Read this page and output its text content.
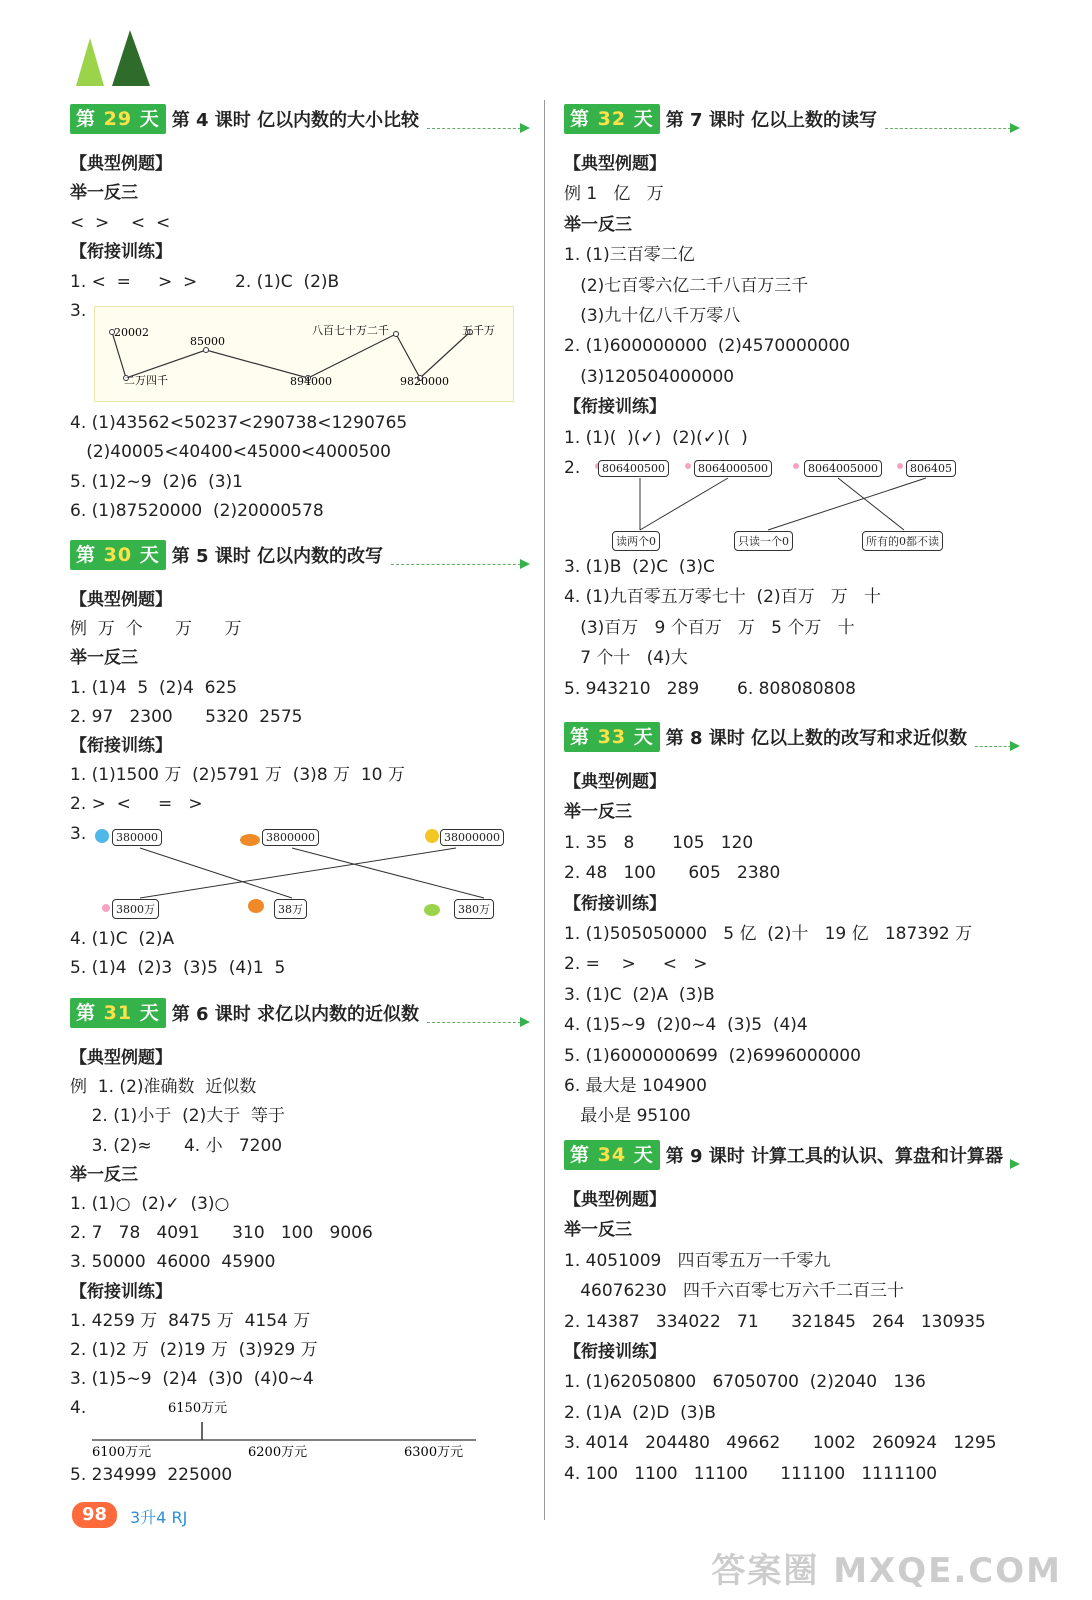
第 29 天 第 4 课时 亿以内数的大小比较
【典型例题】
举一反三
<  >    <  <
【衔接训练】
1. <  =     >  >       2. (1)C  (2)B
3.
20002
85000
八百七十万二千	五千万
二万四千	894000	9820000
4. (1)43562<50237<290738<1290765
(2)40005<40400<45000<4000500
5. (1)2~9  (2)6  (3)1
6. (1)87520000  (2)20000578
第 30 天 第 5 课时 亿以内数的改写
【典型例题】
例  万  个      万      万
举一反三
1. (1)4  5  (2)4  625
2. 97   2300      5320  2575
【衔接训练】
1. (1)1500 万  (2)5791 万  (3)8 万  10 万
2. >  <     =   >
3.	380000	3800000	38000000
3800万	38万	380万
4. (1)C  (2)A
5. (1)4  (2)3  (3)5  (4)1  5
第 31 天 第 6 课时 求亿以内数的近似数
【典型例题】
例  1. (2)准确数  近似数
2. (1)小于  (2)大于  等于
3. (2)≈      4. 小   7200
举一反三
1. (1)○  (2)✓  (3)○
2. 7   78   4091      310   100   9006
3. 50000  46000  45900
【衔接训练】
1. 4259 万  8475 万  4154 万
2. (1)2 万  (2)19 万  (3)929 万
3. (1)5~9  (2)4  (3)0  (4)0~4
4.	6150万元
6100万元	6200万元	6300万元
5. 234999  225000
第 32 天 第 7 课时 亿以上数的读写
【典型例题】
例 1   亿   万
举一反三
1. (1)三百零二亿
(2)七百零六亿二千八百万三千
(3)九十亿八千万零八
2. (1)600000000  (2)4570000000
(3)120504000000
【衔接训练】
1. (1)(  )(✓)  (2)(✓)(  )
2.	806400500	8064000500	8064005000	806405
读两个0	只读一个0	所有的0都不读
3. (1)B  (2)C  (3)C
4. (1)九百零五万零七十  (2)百万   万   十
(3)百万   9 个百万   万   5 个万   十
7 个十   (4)大
5. 943210   289       6. 808080808
第 33 天 第 8 课时 亿以上数的改写和求近似数
【典型例题】
举一反三
1. 35   8       105   120
2. 48   100      605   2380
【衔接训练】
1. (1)505050000   5 亿  (2)十   19 亿   187392 万
2. =    >     <   >
3. (1)C  (2)A  (3)B
4. (1)5~9  (2)0~4  (3)5  (4)4
5. (1)6000000699  (2)6996000000
6. 最大是 104900
最小是 95100
第 34 天 第 9 课时 计算工具的认识、算盘和计算器
【典型例题】
举一反三
1. 4051009   四百零五万一千零九
46076230   四千六百零七万六千二百三十
2. 14387   334022   71      321845   264   130935
【衔接训练】
1. (1)62050800   67050700  (2)2040   136
2. (1)A  (2)D  (3)B
3. 4014   204480   49662      1002   260924   1295
4. 100   1100   11100      111100   1111100
98	3升4 RJ
答案圈 MXQE.COM
